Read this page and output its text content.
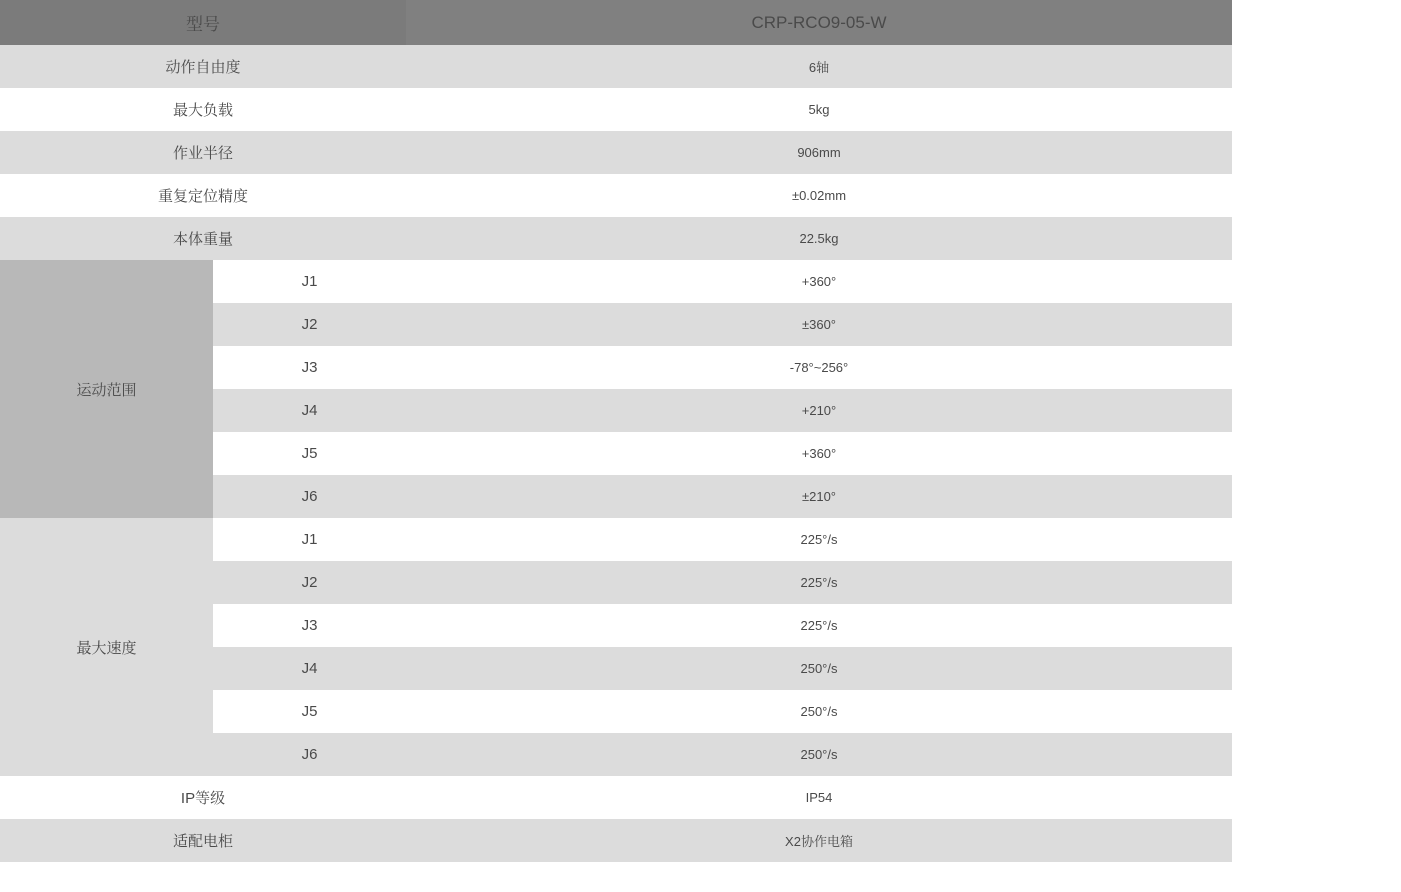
型号		CRP-RCO9-05-W
动作自由度		6轴
最大负载		5kg
作业半径		906mm
重复定位精度		±0.02mm
本体重量		22.5kg
运动范围	J1	+360°
	J2	±360°
	J3	-78°~256°
	J4	+210°
	J5	+360°
	J6	±210°
最大速度	J1	225°/s
	J2	225°/s
	J3	225°/s
	J4	250°/s
	J5	250°/s
	J6	250°/s
IP等级		IP54
适配电柜		X2协作电箱
